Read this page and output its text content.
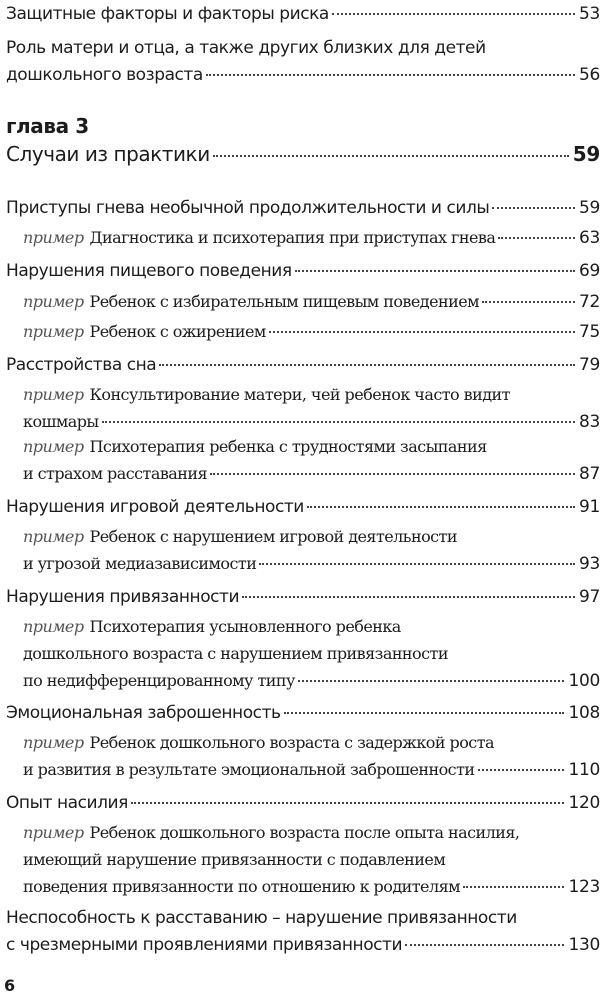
Защитные факторы и факторы риска	53
Роль матери и отца, а также других близких для детей
дошкольного возраста	56
глава 3
Случаи из практики	59
Приступы гнева необычной продолжительности и силы	59
пример Диагностика и психотерапия при приступах гнева	63
Нарушения пищевого поведения	69
пример Ребенок с избирательным пищевым поведением	72
пример Ребенок с ожирением	75
Расстройства сна	79
пример Консультирование матери, чей ребенок часто видит
кошмары	83
пример Психотерапия ребенка с трудностями засыпания
и страхом расставания	87
Нарушения игровой деятельности	91
пример Ребенок с нарушением игровой деятельности
и угрозой медиазависимости	93
Нарушения привязанности	97
пример Психотерапия усыновленного ребенка
дошкольного возраста с нарушением привязанности
по недифференцированному типу	100
Эмоциональная заброшенность	108
пример Ребенок дошкольного возраста с задержкой роста
и развития в результате эмоциональной заброшенности	110
Опыт насилия	120
пример Ребенок дошкольного возраста после опыта насилия,
имеющий нарушение привязанности с подавлением
поведения привязанности по отношению к родителям	123
Неспособность к расставанию – нарушение привязанности
с чрезмерными проявлениями привязанности	130
6
